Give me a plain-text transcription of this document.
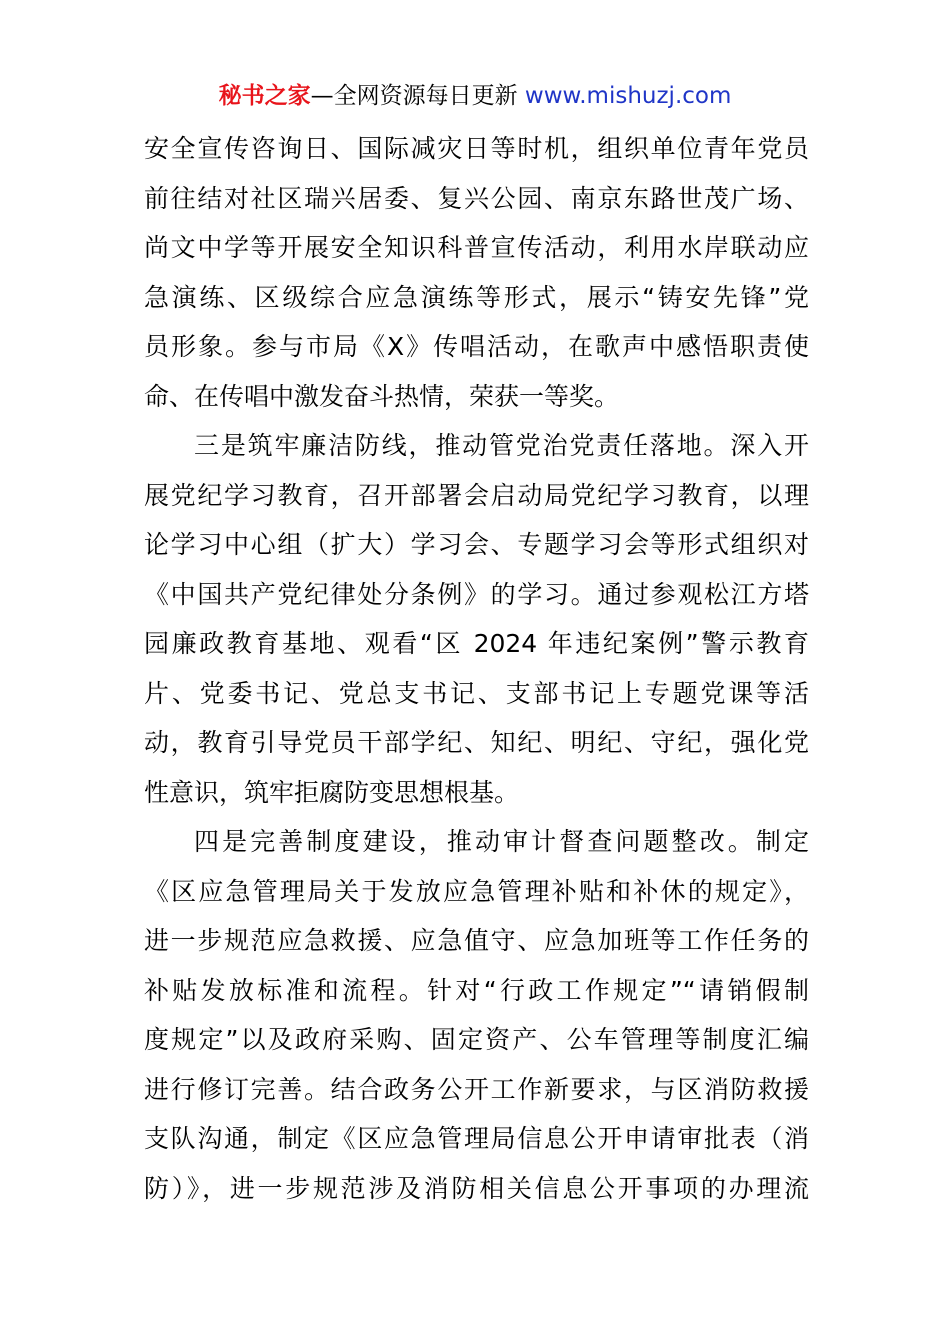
秘书之家—全网资源每日更新 www.mishuzj.com
安全宣传咨询日、国际减灾日等时机，组织单位青年党员
前往结对社区瑞兴居委、复兴公园、南京东路世茂广场、
尚文中学等开展安全知识科普宣传活动，利用水岸联动应
急演练、区级综合应急演练等形式，展示“铸安先锋”党
员形象。参与市局《X》传唱活动，在歌声中感悟职责使
命、在传唱中激发奋斗热情，荣获一等奖。
三是筑牢廉洁防线，推动管党治党责任落地。深入开
展党纪学习教育，召开部署会启动局党纪学习教育，以理
论学习中心组（扩大）学习会、专题学习会等形式组织对
《中国共产党纪律处分条例》的学习。通过参观松江方塔
园廉政教育基地、观看“区 2024 年违纪案例”警示教育
片、党委书记、党总支书记、支部书记上专题党课等活
动，教育引导党员干部学纪、知纪、明纪、守纪，强化党
性意识，筑牢拒腐防变思想根基。
四是完善制度建设，推动审计督查问题整改。制定
《区应急管理局关于发放应急管理补贴和补休的规定》，
进一步规范应急救援、应急值守、应急加班等工作任务的
补贴发放标准和流程。针对“行政工作规定”“请销假制
度规定”以及政府采购、固定资产、公车管理等制度汇编
进行修订完善。结合政务公开工作新要求，与区消防救援
支队沟通，制定《区应急管理局信息公开申请审批表（消
防）》，进一步规范涉及消防相关信息公开事项的办理流
